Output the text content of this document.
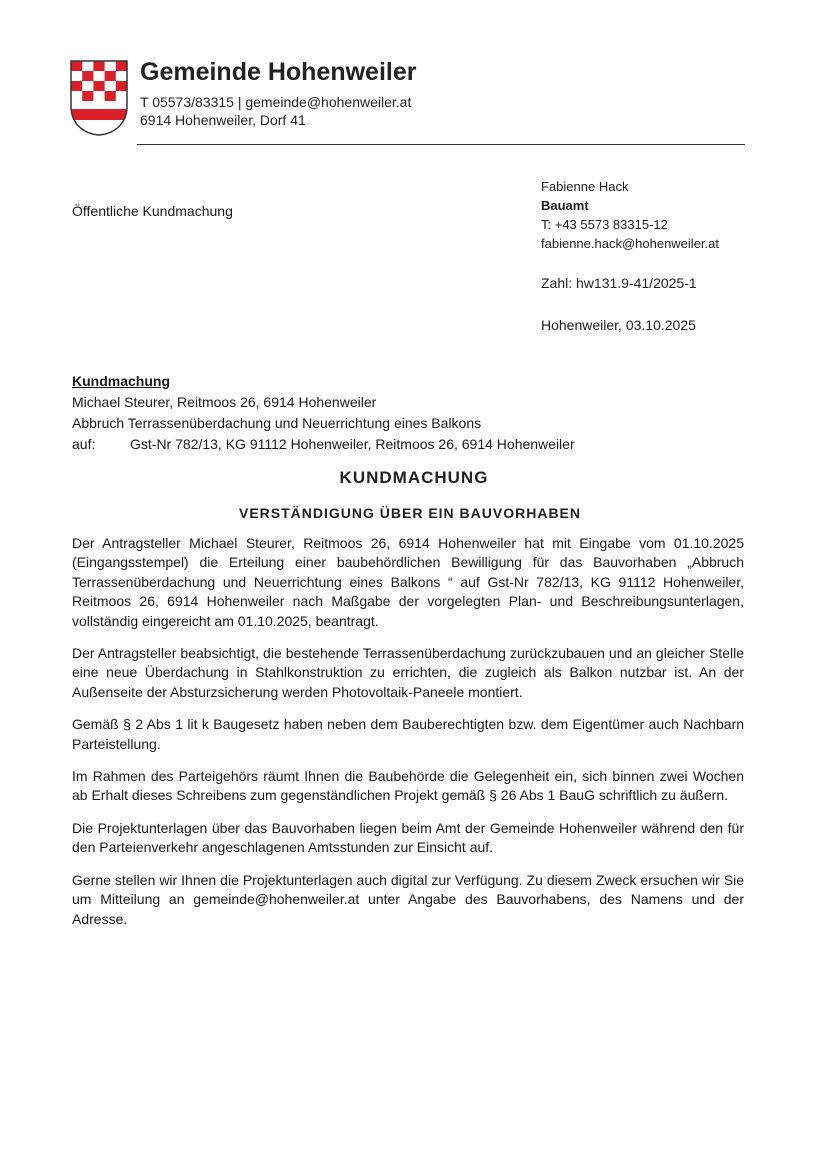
Gemeinde Hohenweiler
T 05573/83315 | gemeinde@hohenweiler.at
6914 Hohenweiler, Dorf 41
Öffentliche Kundmachung
Fabienne Hack
Bauamt
T: +43 5573 83315-12
fabienne.hack@hohenweiler.at
Zahl: hw131.9-41/2025-1
Hohenweiler, 03.10.2025
Kundmachung
Michael Steurer, Reitmoos 26, 6914 Hohenweiler
Abbruch Terrassenüberdachung und Neuerrichtung eines Balkons
auf:	Gst-Nr 782/13, KG 91112 Hohenweiler, Reitmoos 26, 6914 Hohenweiler
KUNDMACHUNG
VERSTÄNDIGUNG ÜBER EIN BAUVORHABEN

Der Antragsteller Michael Steurer, Reitmoos 26, 6914 Hohenweiler hat mit Eingabe vom 01.10.2025 (Eingangsstempel) die Erteilung einer baubehördlichen Bewilligung für das Bauvorhaben „Abbruch Terrassenüberdachung und Neuerrichtung eines Balkons “ auf Gst-Nr 782/13, KG 91112 Hohenweiler, Reitmoos 26, 6914 Hohenweiler nach Maßgabe der vorgelegten Plan- und Beschreibungsunterlagen, vollständig eingereicht am 01.10.2025, beantragt.

Der Antragsteller beabsichtigt, die bestehende Terrassenüberdachung zurückzubauen und an gleicher Stelle eine neue Überdachung in Stahlkonstruktion zu errichten, die zugleich als Balkon nutzbar ist. An der Außenseite der Absturzsicherung werden Photovoltaik-Paneele montiert.

Gemäß § 2 Abs 1 lit k Baugesetz haben neben dem Bauberechtigten bzw. dem Eigentümer auch Nachbarn Parteistellung.

Im Rahmen des Parteigehörs räumt Ihnen die Baubehörde die Gelegenheit ein, sich binnen zwei Wochen ab Erhalt dieses Schreibens zum gegenständlichen Projekt gemäß § 26 Abs 1 BauG schriftlich zu äußern.

Die Projektunterlagen über das Bauvorhaben liegen beim Amt der Gemeinde Hohenweiler während den für den Parteienverkehr angeschlagenen Amtsstunden zur Einsicht auf.

Gerne stellen wir Ihnen die Projektunterlagen auch digital zur Verfügung. Zu diesem Zweck ersuchen wir Sie um Mitteilung an gemeinde@hohenweiler.at unter Angabe des Bauvorhabens, des Namens und der Adresse.
